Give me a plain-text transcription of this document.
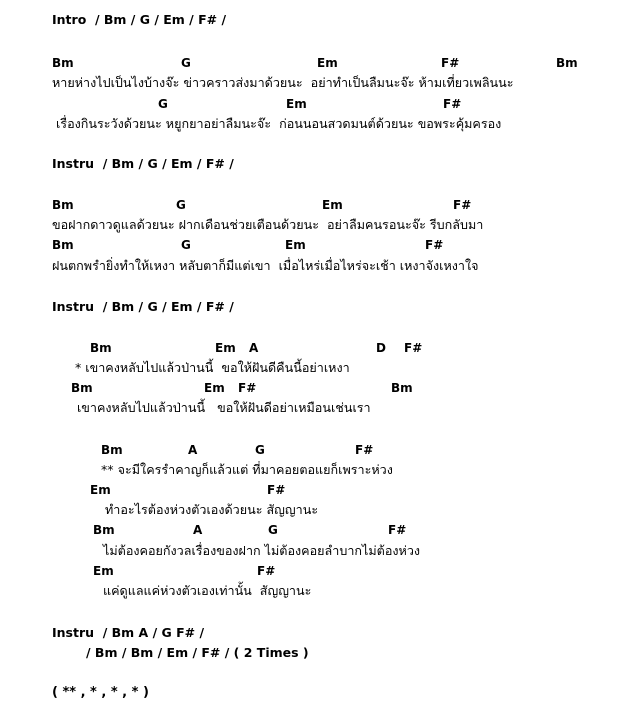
Intro  / Bm / G / Em / F# /
Bm	G	Em	F#	Bm
หายห่างไปเป็นไงบ้างจ๊ะ ข่าวคราวส่งมาด้วยนะ  อย่าทำเป็นลืมนะจ๊ะ ห้ามเที่ยวเพลินนะ
G	Em	F#
เรื่องกินระวังด้วยนะ หยูกยาอย่าลืมนะจ๊ะ  ก่อนนอนสวดมนต์ด้วยนะ ขอพระคุ้มครอง
Instru  / Bm / G / Em / F# /
Bm	G	Em	F#
ขอฝากดาวดูแลด้วยนะ ฝากเดือนช่วยเตือนด้วยนะ  อย่าลืมคนรอนะจ๊ะ รีบกลับมา
Bm	G	Em	F#
ฝนตกพรำยิ่งทำให้เหงา หลับตาก็มีแต่เขา  เมื่อไหร่เมื่อไหร่จะเช้า เหงาจังเหงาใจ
Instru  / Bm / G / Em / F# /
Bm	Em A	D F#
* เขาคงหลับไปแล้วป่านนี้  ขอให้ฝันดีคืนนี้อย่าเหงา
Bm	Em F#	Bm
เขาคงหลับไปแล้วป่านนี้   ขอให้ฝันดีอย่าเหมือนเช่นเรา
Bm	A	G	F#
** จะมีใครรำคาญก็แล้วแต่ ที่มาคอยตอแยก็เพราะห่วง
Em	F#
ทำอะไรต้องห่วงตัวเองด้วยนะ สัญญานะ
Bm	A	G	F#
ไม่ต้องคอยกังวลเรื่องของฝาก ไม่ต้องคอยลำบากไม่ต้องห่วง
Em	F#
แค่ดูแลแค่ห่วงตัวเองเท่านั้น  สัญญานะ
Instru  / Bm A / G F# /
/ Bm / Bm / Em / F# / ( 2 Times )
( ** , * , * , * )
